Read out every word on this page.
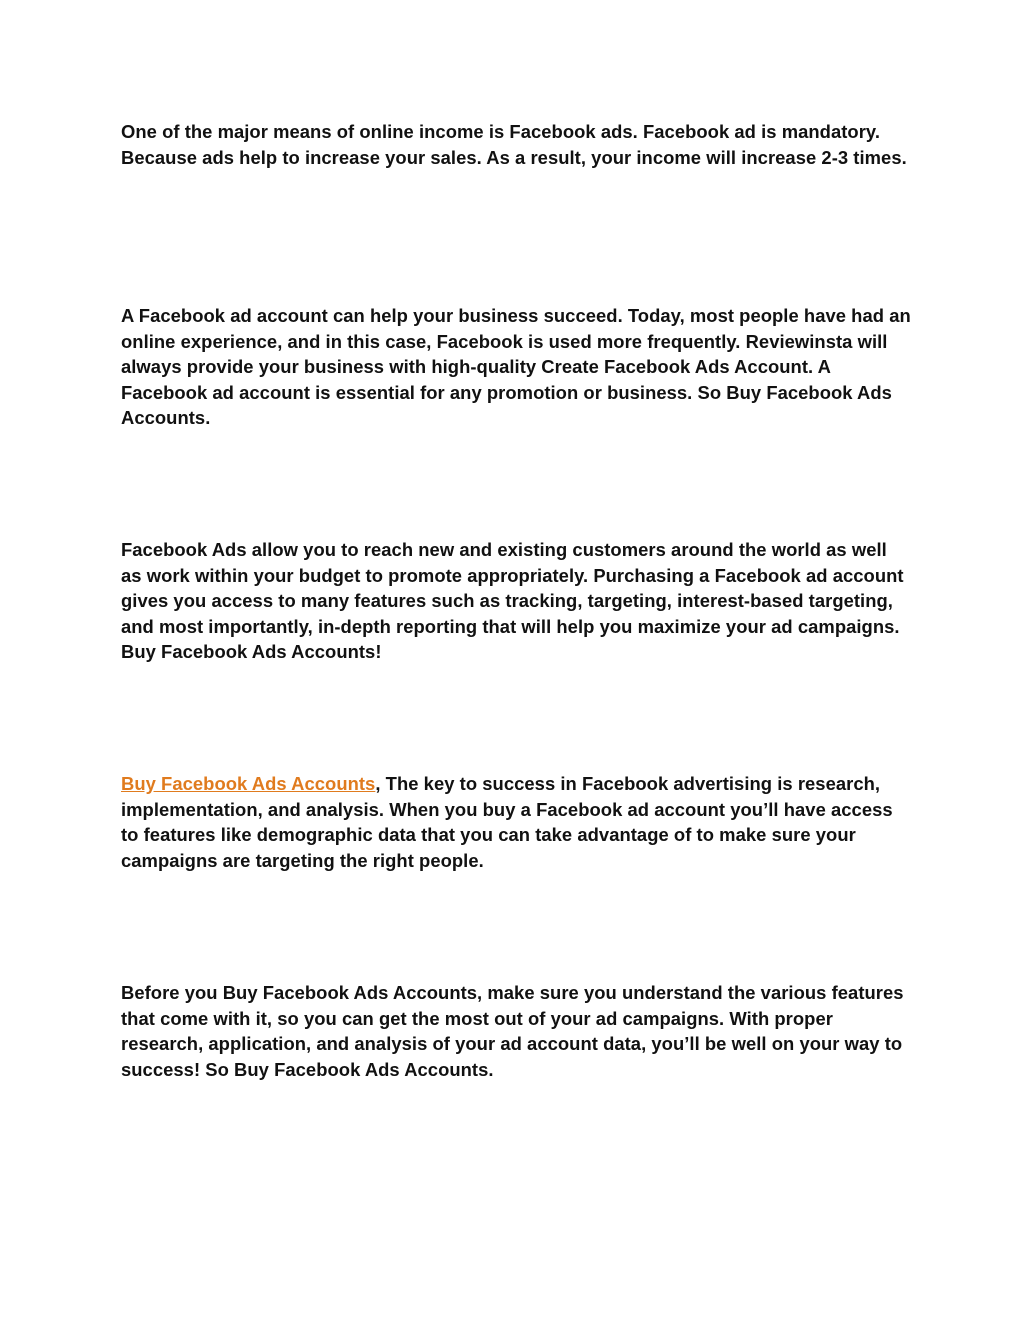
One of the major means of online income is Facebook ads. Facebook ad is mandatory. Because ads help to increase your sales. As a result, your income will increase 2-3 times.

A Facebook ad account can help your business succeed. Today, most people have had an online experience, and in this case, Facebook is used more frequently. Reviewinsta will always provide your business with high-quality Create Facebook Ads Account. A Facebook ad account is essential for any promotion or business. So Buy Facebook Ads Accounts.

Facebook Ads allow you to reach new and existing customers around the world as well as work within your budget to promote appropriately. Purchasing a Facebook ad account gives you access to many features such as tracking, targeting, interest-based targeting, and most importantly, in-depth reporting that will help you maximize your ad campaigns. Buy Facebook Ads Accounts!

Buy Facebook Ads Accounts, The key to success in Facebook advertising is research, implementation, and analysis. When you buy a Facebook ad account you’ll have access to features like demographic data that you can take advantage of to make sure your campaigns are targeting the right people.

Before you Buy Facebook Ads Accounts, make sure you understand the various features that come with it, so you can get the most out of your ad campaigns. With proper research, application, and analysis of your ad account data, you’ll be well on your way to success! So Buy Facebook Ads Accounts.
